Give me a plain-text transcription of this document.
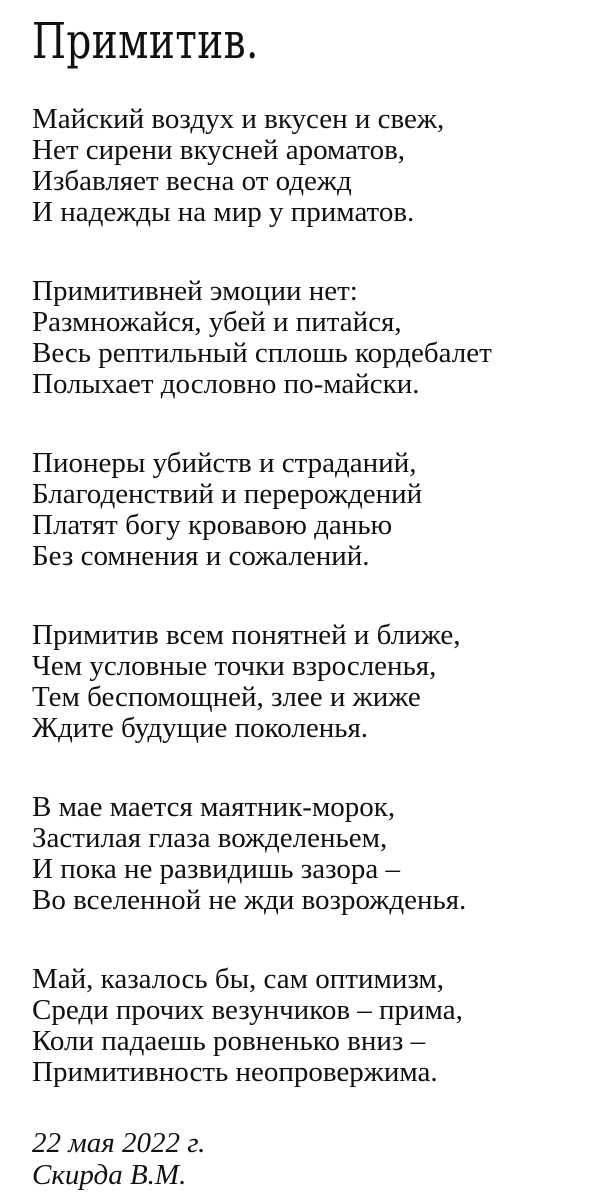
Примитив.
Майский воздух и вкусен и свеж,
Нет сирени вкусней ароматов,
Избавляет весна от одежд
И надежды на мир у приматов.
Примитивней эмоции нет:
Размножайся, убей и питайся,
Весь рептильный сплошь кордебалет
Полыхает дословно по-майски.
Пионеры убийств и страданий,
Благоденствий и перерождений
Платят богу кровавою данью
Без сомнения и сожалений.
Примитив всем понятней и ближе,
Чем условные точки взросленья,
Тем беспомощней, злее и жиже
Ждите будущие поколенья.
В мае мается маятник-морок,
Застилая глаза вожделеньем,
И пока не развидишь зазора –
Во вселенной не жди возрожденья.
Май, казалось бы, сам оптимизм,
Среди прочих везунчиков – прима,
Коли падаешь ровненько вниз –
Примитивность неопровержима.
22 мая 2022 г.
Скирда В.М.
